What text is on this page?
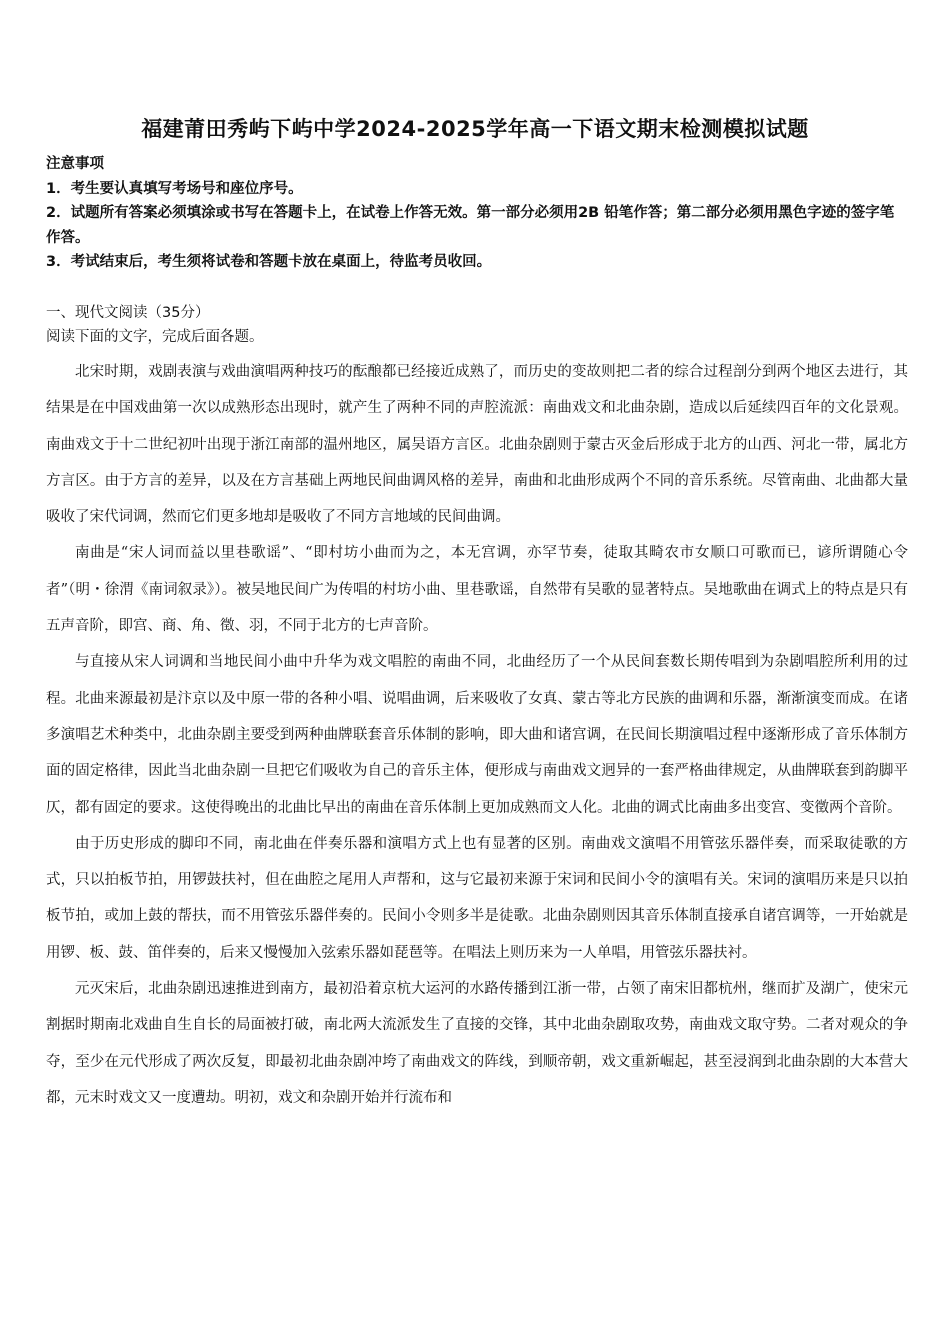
福建莆田秀屿下屿中学2024-2025学年高一下语文期末检测模拟试题
注意事项
1．考生要认真填写考场号和座位序号。
2．试题所有答案必须填涂或书写在答题卡上，在试卷上作答无效。第一部分必须用2B 铅笔作答；第二部分必须用黑色字迹的签字笔作答。
3．考试结束后，考生须将试卷和答题卡放在桌面上，待监考员收回。
一、现代文阅读（35分）
阅读下面的文字，完成后面各题。

北宋时期，戏剧表演与戏曲演唱两种技巧的酝酿都已经接近成熟了，而历史的变故则把二者的综合过程剖分到两个地区去进行，其结果是在中国戏曲第一次以成熟形态出现时，就产生了两种不同的声腔流派：南曲戏文和北曲杂剧，造成以后延续四百年的文化景观。南曲戏文于十二世纪初叶出现于浙江南部的温州地区，属吴语方言区。北曲杂剧则于蒙古灭金后形成于北方的山西、河北一带，属北方方言区。由于方言的差异，以及在方言基础上两地民间曲调风格的差异，南曲和北曲形成两个不同的音乐系统。尽管南曲、北曲都大量吸收了宋代词调，然而它们更多地却是吸收了不同方言地域的民间曲调。

南曲是“宋人词而益以里巷歌谣”、“即村坊小曲而为之，本无宫调，亦罕节奏，徒取其畸农市女顺口可歌而已，谚所谓随心令者”（明・徐渭《南词叙录》）。被吴地民间广为传唱的村坊小曲、里巷歌谣，自然带有吴歌的显著特点。吴地歌曲在调式上的特点是只有五声音阶，即宫、商、角、徵、羽，不同于北方的七声音阶。

与直接从宋人词调和当地民间小曲中升华为戏文唱腔的南曲不同，北曲经历了一个从民间套数长期传唱到为杂剧唱腔所利用的过程。北曲来源最初是汴京以及中原一带的各种小唱、说唱曲调，后来吸收了女真、蒙古等北方民族的曲调和乐器，渐渐演变而成。在诸多演唱艺术种类中，北曲杂剧主要受到两种曲牌联套音乐体制的影响，即大曲和诸宫调，在民间长期演唱过程中逐渐形成了音乐体制方面的固定格律，因此当北曲杂剧一旦把它们吸收为自己的音乐主体，便形成与南曲戏文迥异的一套严格曲律规定，从曲牌联套到韵脚平仄，都有固定的要求。这使得晚出的北曲比早出的南曲在音乐体制上更加成熟而文人化。北曲的调式比南曲多出变宫、变徵两个音阶。

由于历史形成的脚印不同，南北曲在伴奏乐器和演唱方式上也有显著的区别。南曲戏文演唱不用管弦乐器伴奏，而采取徒歌的方式，只以拍板节拍，用锣鼓扶衬，但在曲腔之尾用人声帮和，这与它最初来源于宋词和民间小令的演唱有关。宋词的演唱历来是只以拍板节拍，或加上鼓的帮扶，而不用管弦乐器伴奏的。民间小令则多半是徒歌。北曲杂剧则因其音乐体制直接承自诸宫调等，一开始就是用锣、板、鼓、笛伴奏的，后来又慢慢加入弦索乐器如琵琶等。在唱法上则历来为一人单唱，用管弦乐器扶衬。

元灭宋后，北曲杂剧迅速推进到南方，最初沿着京杭大运河的水路传播到江浙一带，占领了南宋旧都杭州，继而扩及湖广，使宋元割据时期南北戏曲自生自长的局面被打破，南北两大流派发生了直接的交锋，其中北曲杂剧取攻势，南曲戏文取守势。二者对观众的争夺，至少在元代形成了两次反复，即最初北曲杂剧冲垮了南曲戏文的阵线，到顺帝朝，戏文重新崛起，甚至浸润到北曲杂剧的大本营大都，元末时戏文又一度遭劫。明初，戏文和杂剧开始并行流布和
